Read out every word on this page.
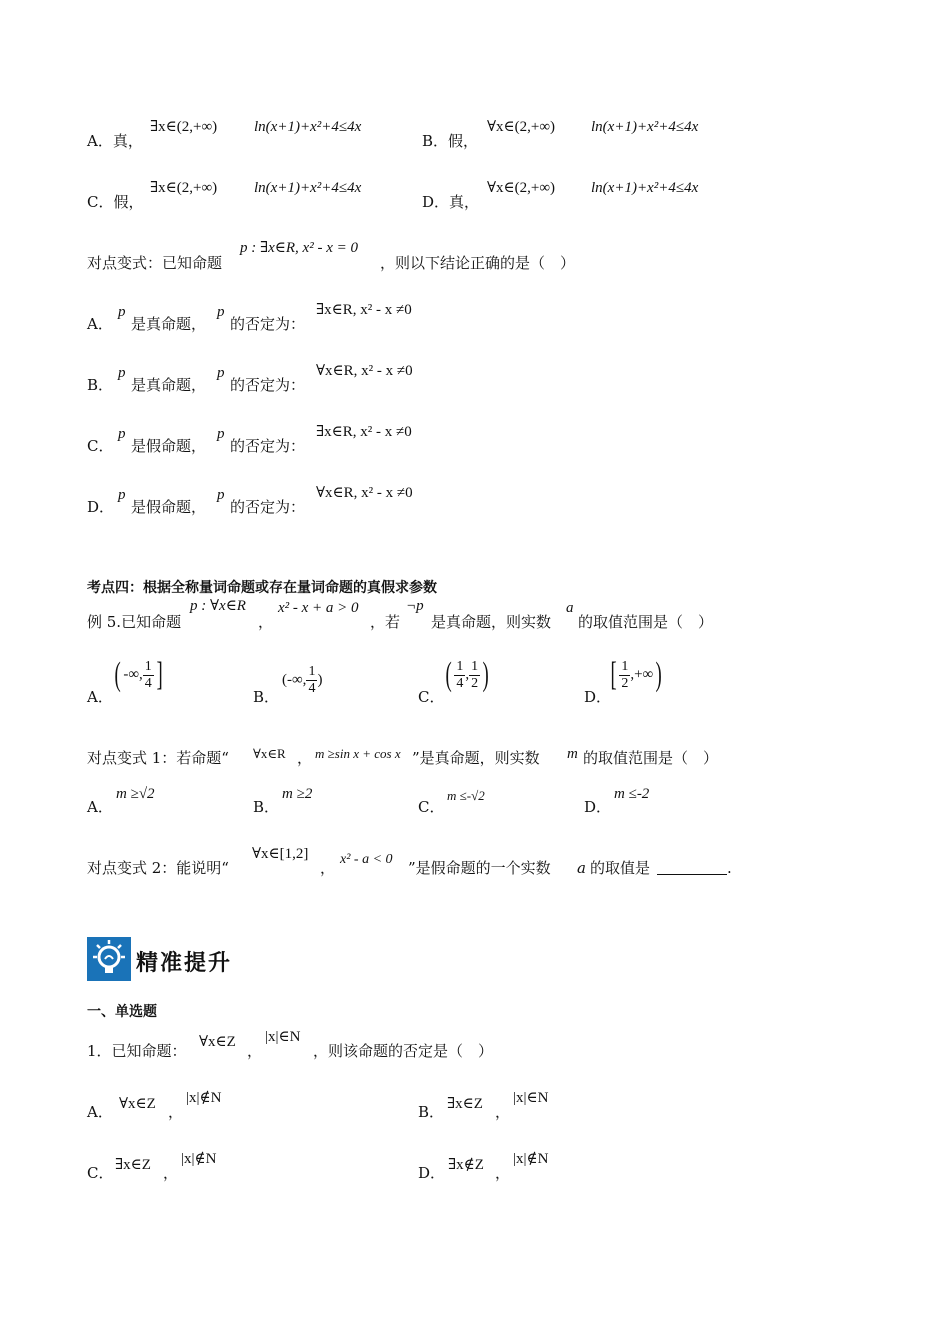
A．真，
∃x∈(2,+∞) ln(x+1)+x²+4≤4x
B．假，
∀x∈(2,+∞) ln(x+1)+x²+4≤4x
C．假，
∃x∈(2,+∞) ln(x+1)+x²+4≤4x
D．真，
∀x∈(2,+∞) ln(x+1)+x²+4≤4x
对点变式：已知命题
p : ∃x∈R, x² - x = 0
，则以下结论正确的是（　）
A．
p
是真命题，
p
的否定为：
∃x∈R, x² - x ≠0
B．
p
是真命题，
p
的否定为：
∀x∈R, x² - x ≠0
C．
p
是假命题，
p
的否定为：
∃x∈R, x² - x ≠0
D．
p
是假命题，
p
的否定为：
∀x∈R, x² - x ≠0
考点四：根据全称量词命题或存在量词命题的真假求参数
例 5.已知命题
p : ∀x∈R
，
x² - x + a > 0
，若
¬p
是真命题，则实数
a
的取值范围是（　）
A．
( -∞, $\frac{1}{4}$ ]
B．
(-∞, $\frac{1}{4}$ )
C．
( $\frac{1}{4}$ , $\frac{1}{2}$ )
D．
[ $\frac{1}{2}$ ,+∞)
对点变式 1：若命题“ ∀x∈R ， m ≥sin x + cos x ”是真命题，则实数 m 的取值范围是（　）
A．
m ≥√2
B．
m ≥2
C．
m ≤-√2
D．
m ≤-2
对点变式 2：能说明“
∀x∈[1,2]
， x² - a < 0 ”是假命题的一个实数 a 的取值是	.
精准提升
一、单选题
1．已知命题： ∀x∈Z ，
|x|∈N
，则该命题的否定是（　）
A． ∀x∈Z ，
|x|∉N
B． ∃x∈Z ，
|x|∈N
C． ∃x∈Z ，
|x|∉N
D． ∃x∉Z ，
|x|∉N
